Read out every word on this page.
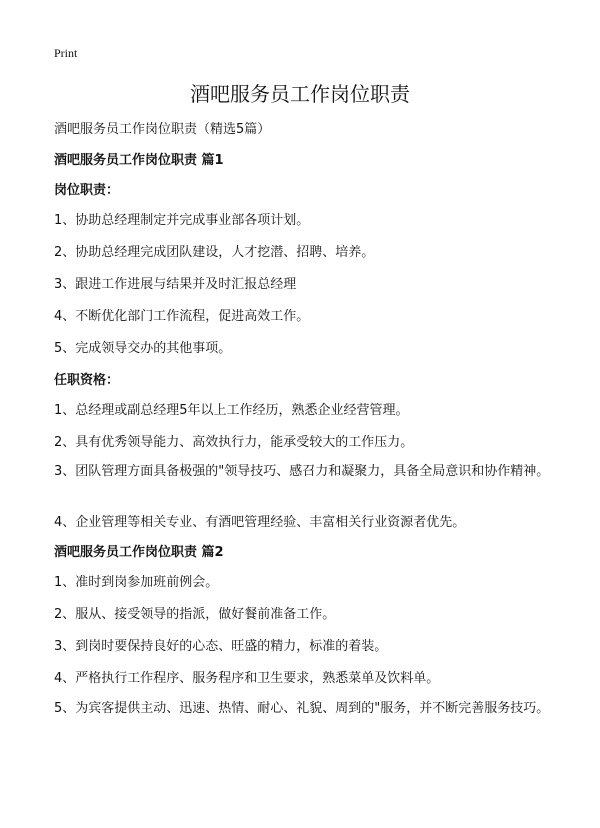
Print
酒吧服务员工作岗位职责
酒吧服务员工作岗位职责（精选5篇）
酒吧服务员工作岗位职责 篇1
岗位职责：
1、协助总经理制定并完成事业部各项计划。
2、协助总经理完成团队建设，人才挖潜、招聘、培养。
3、跟进工作进展与结果并及时汇报总经理
4、不断优化部门工作流程，促进高效工作。
5、完成领导交办的其他事项。
任职资格：
1、总经理或副总经理5年以上工作经历，熟悉企业经营管理。
2、具有优秀领导能力、高效执行力，能承受较大的工作压力。
3、团队管理方面具备极强的"领导技巧、感召力和凝聚力，具备全局意识和协作精神。
4、企业管理等相关专业、有酒吧管理经验、丰富相关行业资源者优先。
酒吧服务员工作岗位职责 篇2
1、准时到岗参加班前例会。
2、服从、接受领导的指派，做好餐前准备工作。
3、到岗时要保持良好的心态、旺盛的精力，标准的着装。
4、严格执行工作程序、服务程序和卫生要求，熟悉菜单及饮料单。
5、为宾客提供主动、迅速、热情、耐心、礼貌、周到的"服务，并不断完善服务技巧。
